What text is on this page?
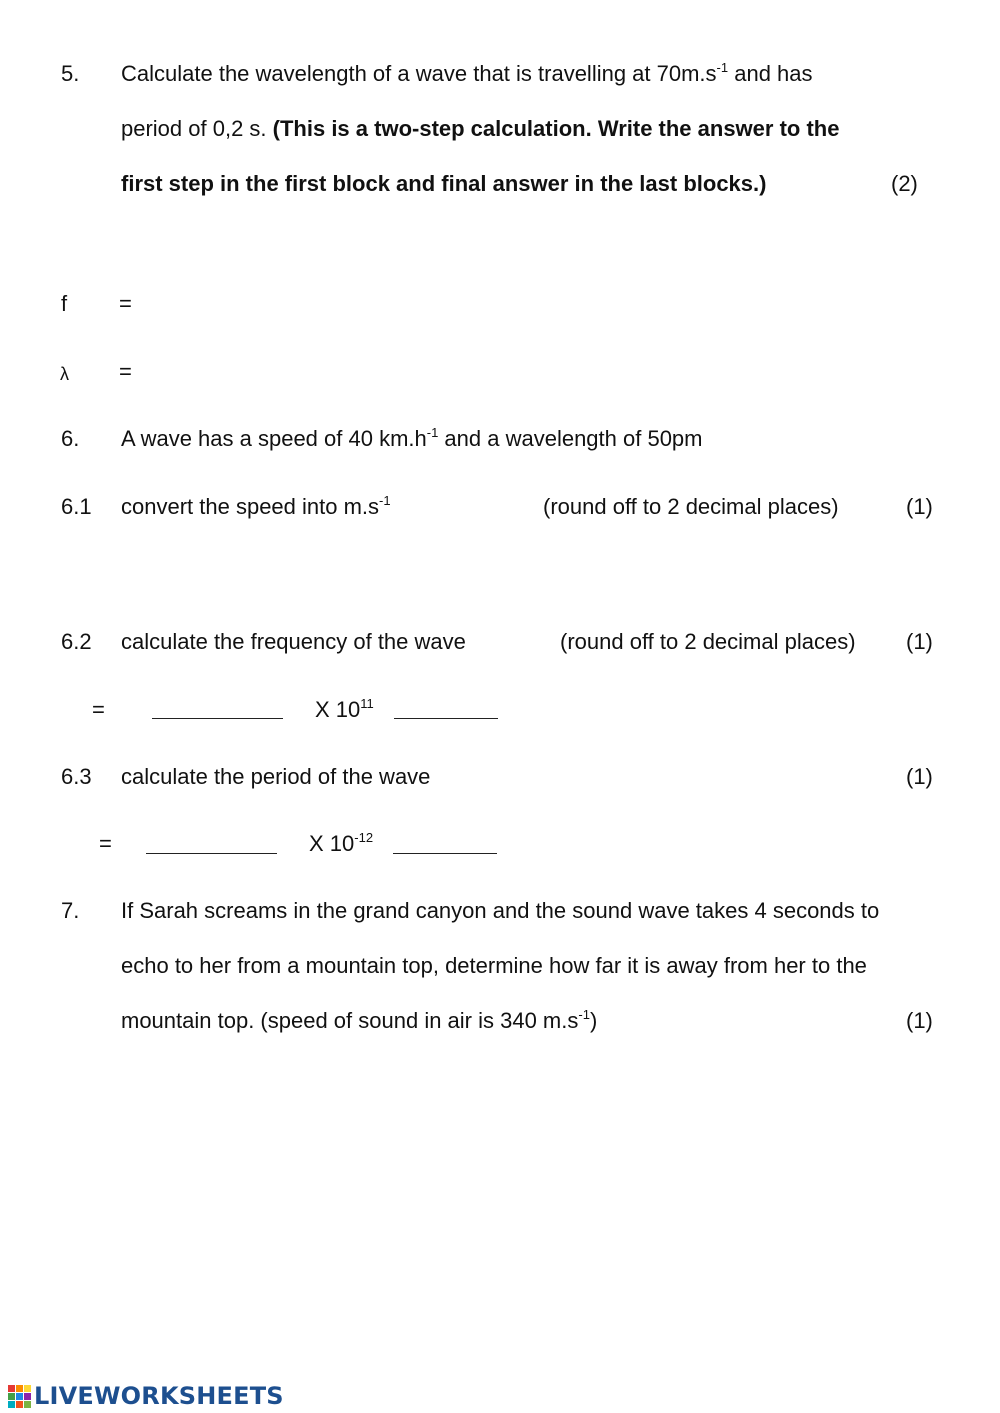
5. Calculate the wavelength of a wave that is travelling at $70m.s^{-1}$ and has
period of 0,2 s. (This is a two-step calculation. Write the answer to the
first step in the first block and final answer in the last blocks.)	(2)
f =
λ =
6. A wave has a speed of 40 $km.h^{-1}$ and a wavelength of 50pm
6.1 convert the speed into $m.s^{-1}$	(round off to 2 decimal places)	(1)
6.2 calculate the frequency of the wave	(round off to 2 decimal places) (1)
=	X $10^{11}$
6.3 calculate the period of the wave	(1)
=	X $10^{-12}$
7. If Sarah screams in the grand canyon and the sound wave takes 4 seconds to
echo to her from a mountain top, determine how far it is away from her to the
mountain top. (speed of sound in air is 340 $m.s^{-1}$)	(1)
LIVEWORKSHEETS
